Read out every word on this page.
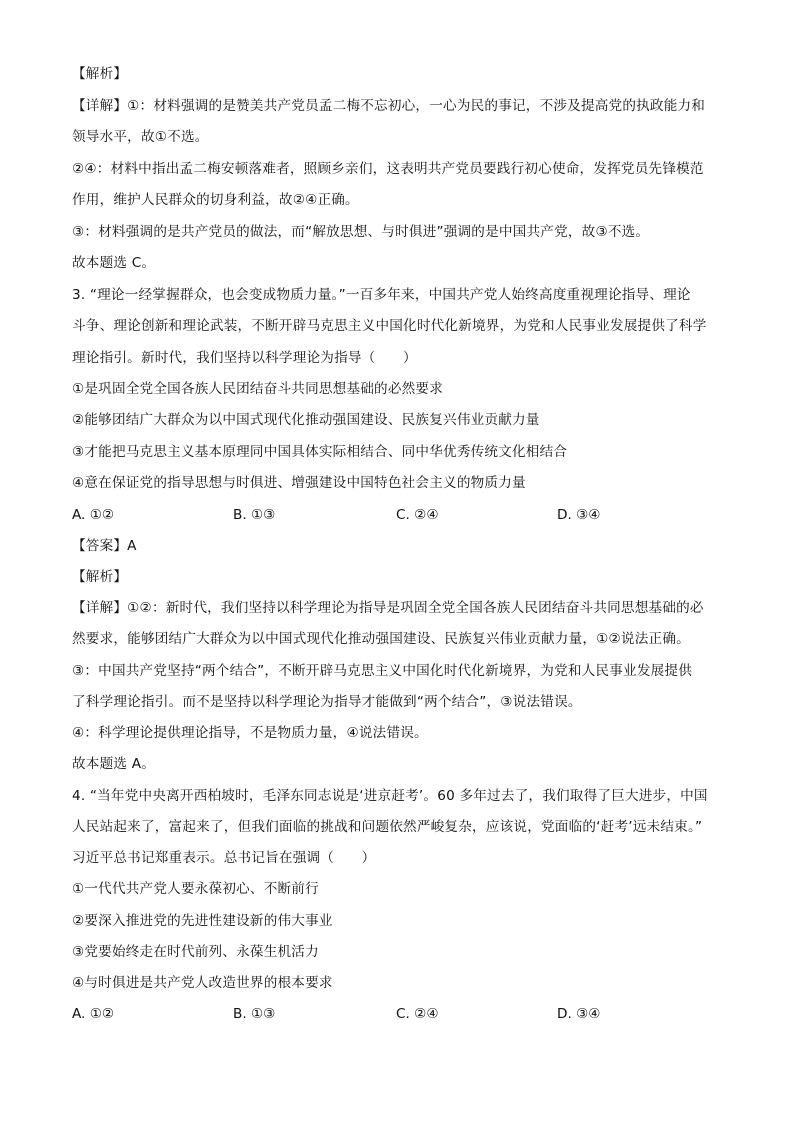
【解析】
【详解】①：材料强调的是赞美共产党员孟二梅不忘初心，一心为民的事记，不涉及提高党的执政能力和
领导水平，故①不选。
②④：材料中指出孟二梅安顿落难者，照顾乡亲们，这表明共产党员要践行初心使命，发挥党员先锋模范
作用，维护人民群众的切身利益，故②④正确。
③：材料强调的是共产党员的做法，而“解放思想、与时俱进”强调的是中国共产党，故③不选。
故本题选 C。
3. “理论一经掌握群众，也会变成物质力量。”一百多年来，中国共产党人始终高度重视理论指导、理论
斗争、理论创新和理论武装，不断开辟马克思主义中国化时代化新境界，为党和人民事业发展提供了科学
理论指引。新时代，我们坚持以科学理论为指导（　　）
①是巩固全党全国各族人民团结奋斗共同思想基础的必然要求
②能够团结广大群众为以中国式现代化推动强国建设、民族复兴伟业贡献力量
③才能把马克思主义基本原理同中国具体实际相结合、同中华优秀传统文化相结合
④意在保证党的指导思想与时俱进、增强建设中国特色社会主义的物质力量
A. ①②	B. ①③	C. ②④	D. ③④
【答案】A
【解析】
【详解】①②：新时代，我们坚持以科学理论为指导是巩固全党全国各族人民团结奋斗共同思想基础的必
然要求，能够团结广大群众为以中国式现代化推动强国建设、民族复兴伟业贡献力量，①②说法正确。
③：中国共产党坚持“两个结合”，不断开辟马克思主义中国化时代化新境界，为党和人民事业发展提供
了科学理论指引。而不是坚持以科学理论为指导才能做到“两个结合”，③说法错误。
④：科学理论提供理论指导，不是物质力量，④说法错误。
故本题选 A。
4. “当年党中央离开西柏坡时，毛泽东同志说是‘进京赶考’。60 多年过去了，我们取得了巨大进步，中国
人民站起来了，富起来了，但我们面临的挑战和问题依然严峻复杂，应该说，党面临的‘赶考’远未结束。”
习近平总书记郑重表示。总书记旨在强调（　　）
①一代代共产党人要永葆初心、不断前行
②要深入推进党的先进性建设新的伟大事业
③党要始终走在时代前列、永葆生机活力
④与时俱进是共产党人改造世界的根本要求
A. ①②	B. ①③	C. ②④	D. ③④
